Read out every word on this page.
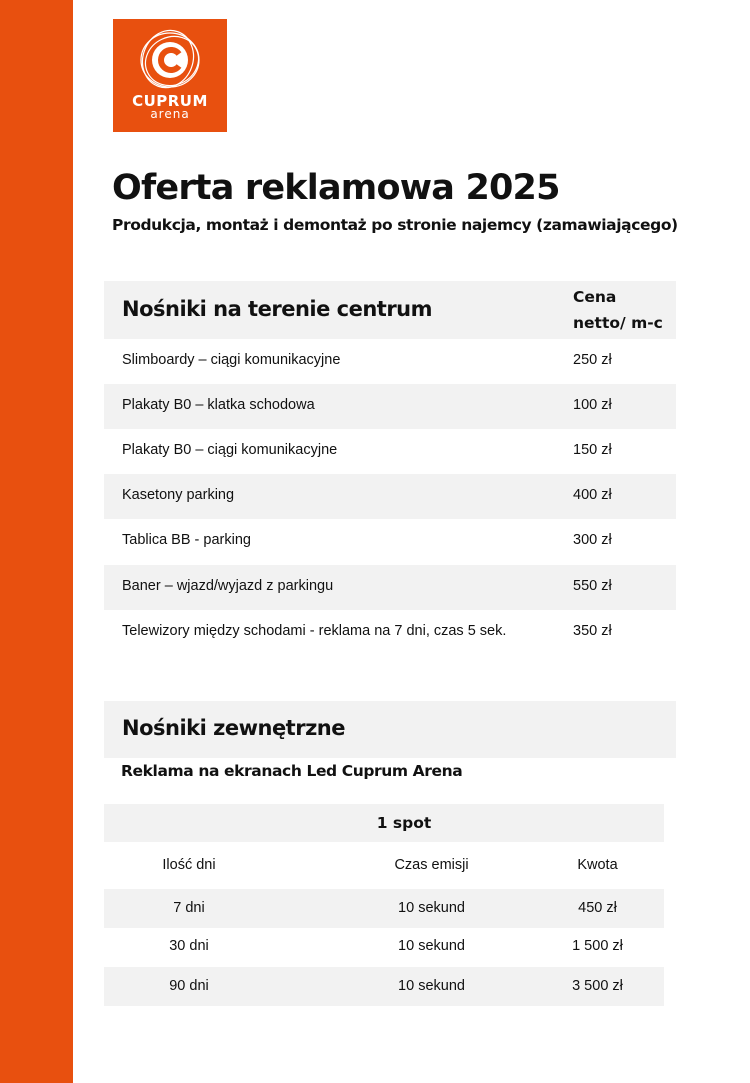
CUPRUM
arena
Oferta reklamowa 2025

Produkcja, montaż i demontaż po stronie najemcy (zamawiającego)

Nośniki na terenie centrum	Cena
netto/ m-c
Slimboardy – ciągi komunikacyjne	250 zł
Plakaty B0 – klatka schodowa	100 zł
Plakaty B0 – ciągi komunikacyjne	150 zł
Kasetony parking	400 zł
Tablica BB - parking	300 zł
Baner – wjazd/wyjazd z parkingu	550 zł
Telewizory między schodami - reklama na 7 dni, czas 5 sek.	350 zł
Nośniki zewnętrzne
Reklama na ekranach Led Cuprum Arena
1 spot
Ilość dni	Czas emisji	Kwota
7 dni	10 sekund	450 zł
30 dni	10 sekund	1 500 zł
90 dni	10 sekund	3 500 zł
